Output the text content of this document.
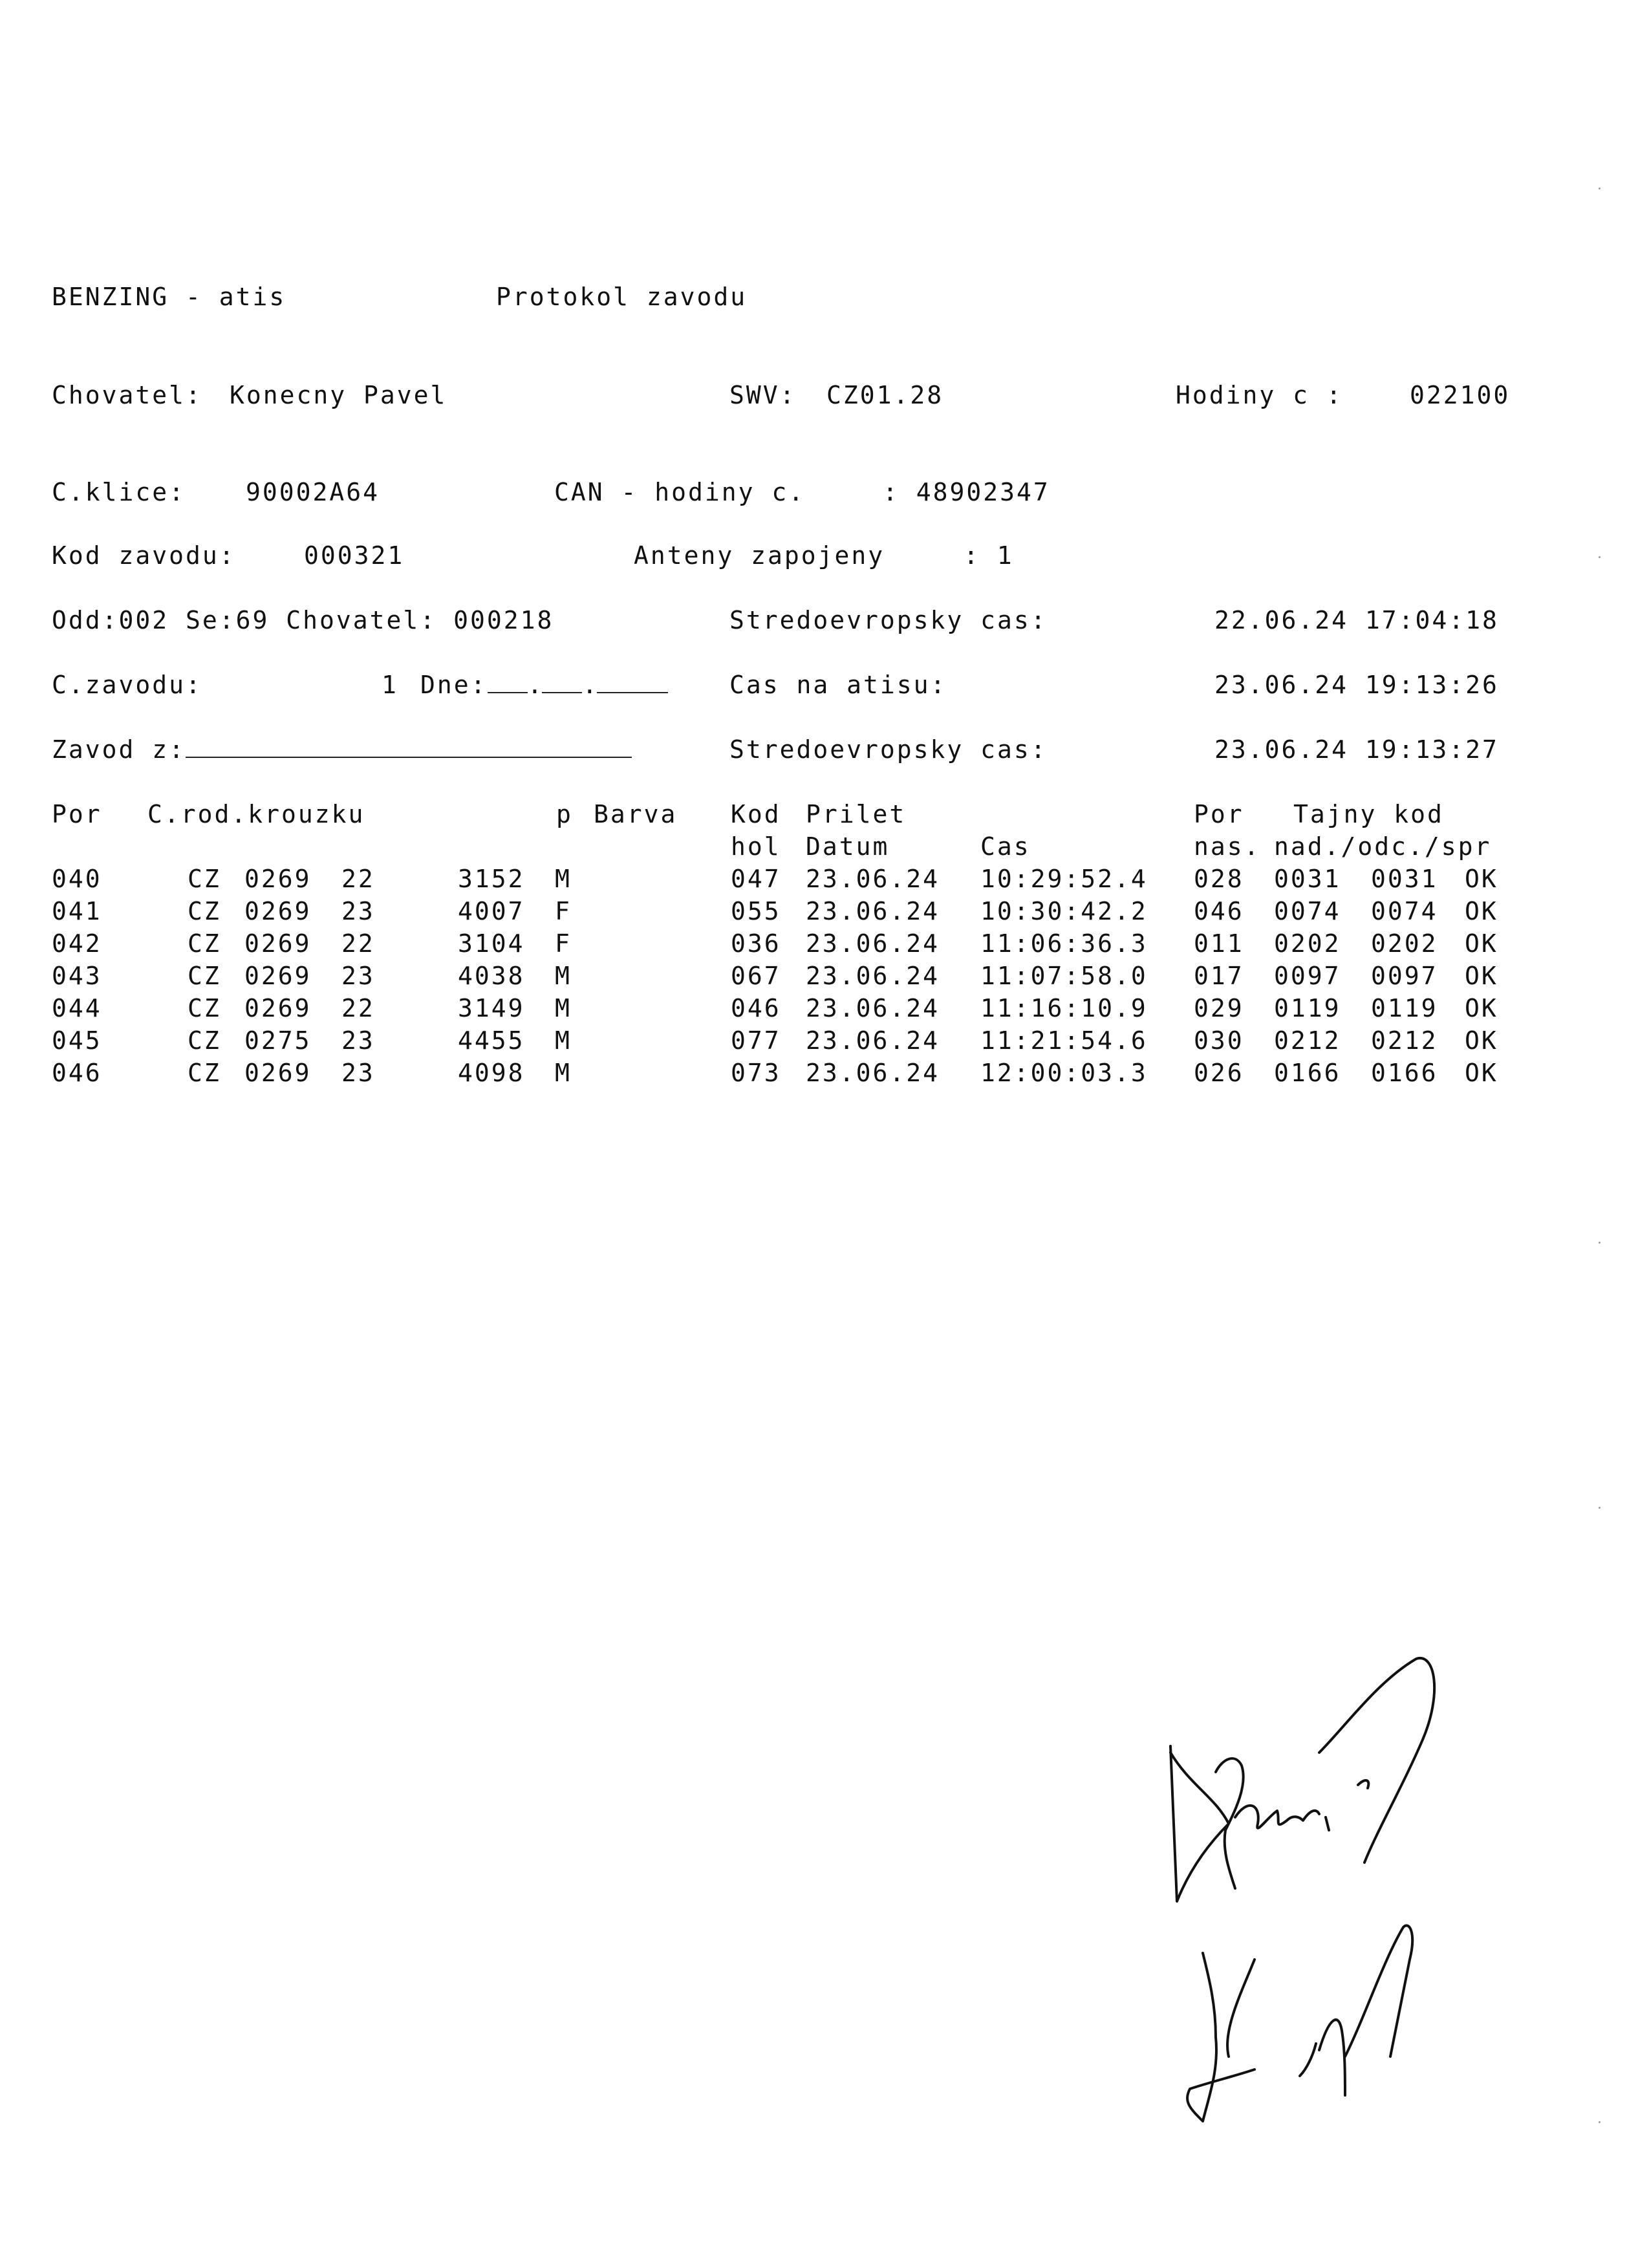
BENZING - atis	Protokol zavodu
Chovatel: Konecny Pavel	SWV: CZ01.28	Hodiny c :	022100
C.klice: 90002A64	CAN - hodiny c.	: 48902347
Kod zavodu:	000321	Anteny zapojeny	: 1
Odd:002 Se:69 Chovatel: 000218	Stredoevropsky cas:	22.06.24 17:04:18
C.zavodu:	1 Dne: . .	Cas na atisu:	23.06.24 19:13:26
Zavod z:	Stredoevropsky cas:	23.06.24 19:13:27
Por C.rod.krouzku	p Barva Kod Prilet	Por Tajny kod
hol Datum	Cas	nas. nad./odc./spr
040	CZ 0269 22	3152 M	047 23.06.24 10:29:52.4 028 0031 0031 OK
041	CZ 0269 23	4007 F	055 23.06.24 10:30:42.2 046 0074 0074 OK
042	CZ 0269 22	3104 F	036 23.06.24 11:06:36.3 011 0202 0202 OK
043	CZ 0269 23	4038 M	067 23.06.24 11:07:58.0 017 0097 0097 OK
044	CZ 0269 22	3149 M	046 23.06.24 11:16:10.9 029 0119 0119 OK
045	CZ 0275 23	4455 M	077 23.06.24 11:21:54.6 030 0212 0212 OK
046	CZ 0269 23	4098 M	073 23.06.24 12:00:03.3 026 0166 0166 OK
